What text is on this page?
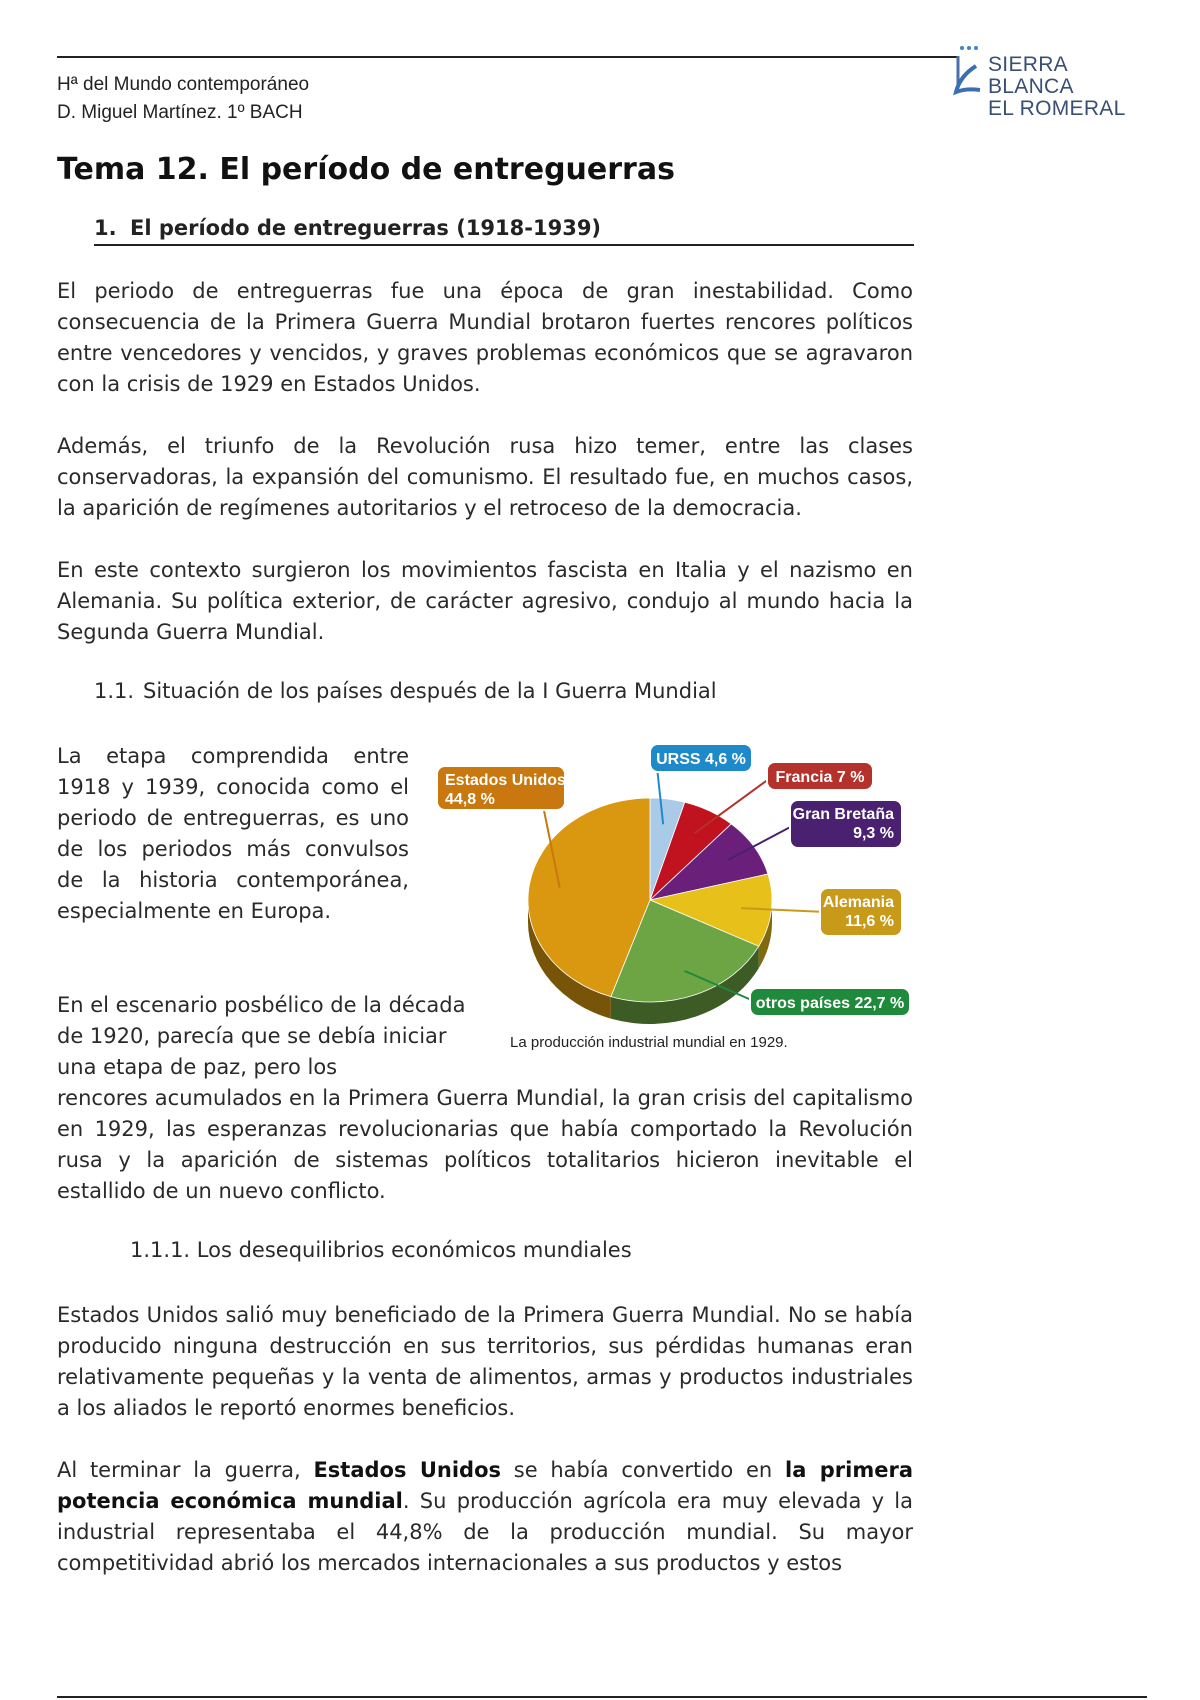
Hª del Mundo contemporáneo
D. Miguel Martínez. 1º BACH
SIERRA BLANCA
EL ROMERAL
Tema 12. El período de entreguerras
1. El período de entreguerras (1918-1939)

El periodo de entreguerras fue una época de gran inestabilidad. Como consecuencia de la Primera Guerra Mundial brotaron fuertes rencores políticos entre vencedores y vencidos, y graves problemas económicos que se agravaron con la crisis de 1929 en Estados Unidos.

Además, el triunfo de la Revolución rusa hizo temer, entre las clases conservadoras, la expansión del comunismo. El resultado fue, en muchos casos, la aparición de regímenes autoritarios y el retroceso de la democracia.

En este contexto surgieron los movimientos fascista en Italia y el nazismo en Alemania. Su política exterior, de carácter agresivo, condujo al mundo hacia la Segunda Guerra Mundial.

1.1. Situación de los países después de la I Guerra Mundial

La etapa comprendida entre 1918 y 1939, conocida como el periodo de entreguerras, es uno de los periodos más convulsos de la historia contemporánea, especialmente en Europa.

En el escenario posbélico de la década de 1920, parecía que se debía iniciar una etapa de paz, pero los

rencores acumulados en la Primera Guerra Mundial, la gran crisis del capitalismo en 1929, las esperanzas revolucionarias que había comportado la Revolución rusa y la aparición de sistemas políticos totalitarios hicieron inevitable el estallido de un nuevo conflicto.

URSS 4,6 %
Francia 7 %
Gran Bretaña
9,3 %
Alemania
11,6 %
otros países 22,7 %
Estados Unidos
44,8 %
La producción industrial mundial en 1929.
1.1.1. Los desequilibrios económicos mundiales

Estados Unidos salió muy beneficiado de la Primera Guerra Mundial. No se había producido ninguna destrucción en sus territorios, sus pérdidas humanas eran relativamente pequeñas y la venta de alimentos, armas y productos industriales a los aliados le reportó enormes beneficios.

Al terminar la guerra, Estados Unidos se había convertido en la primera potencia económica mundial. Su producción agrícola era muy elevada y la industrial representaba el 44,8% de la producción mundial. Su mayor competitividad abrió los mercados internacionales a sus productos y estos
